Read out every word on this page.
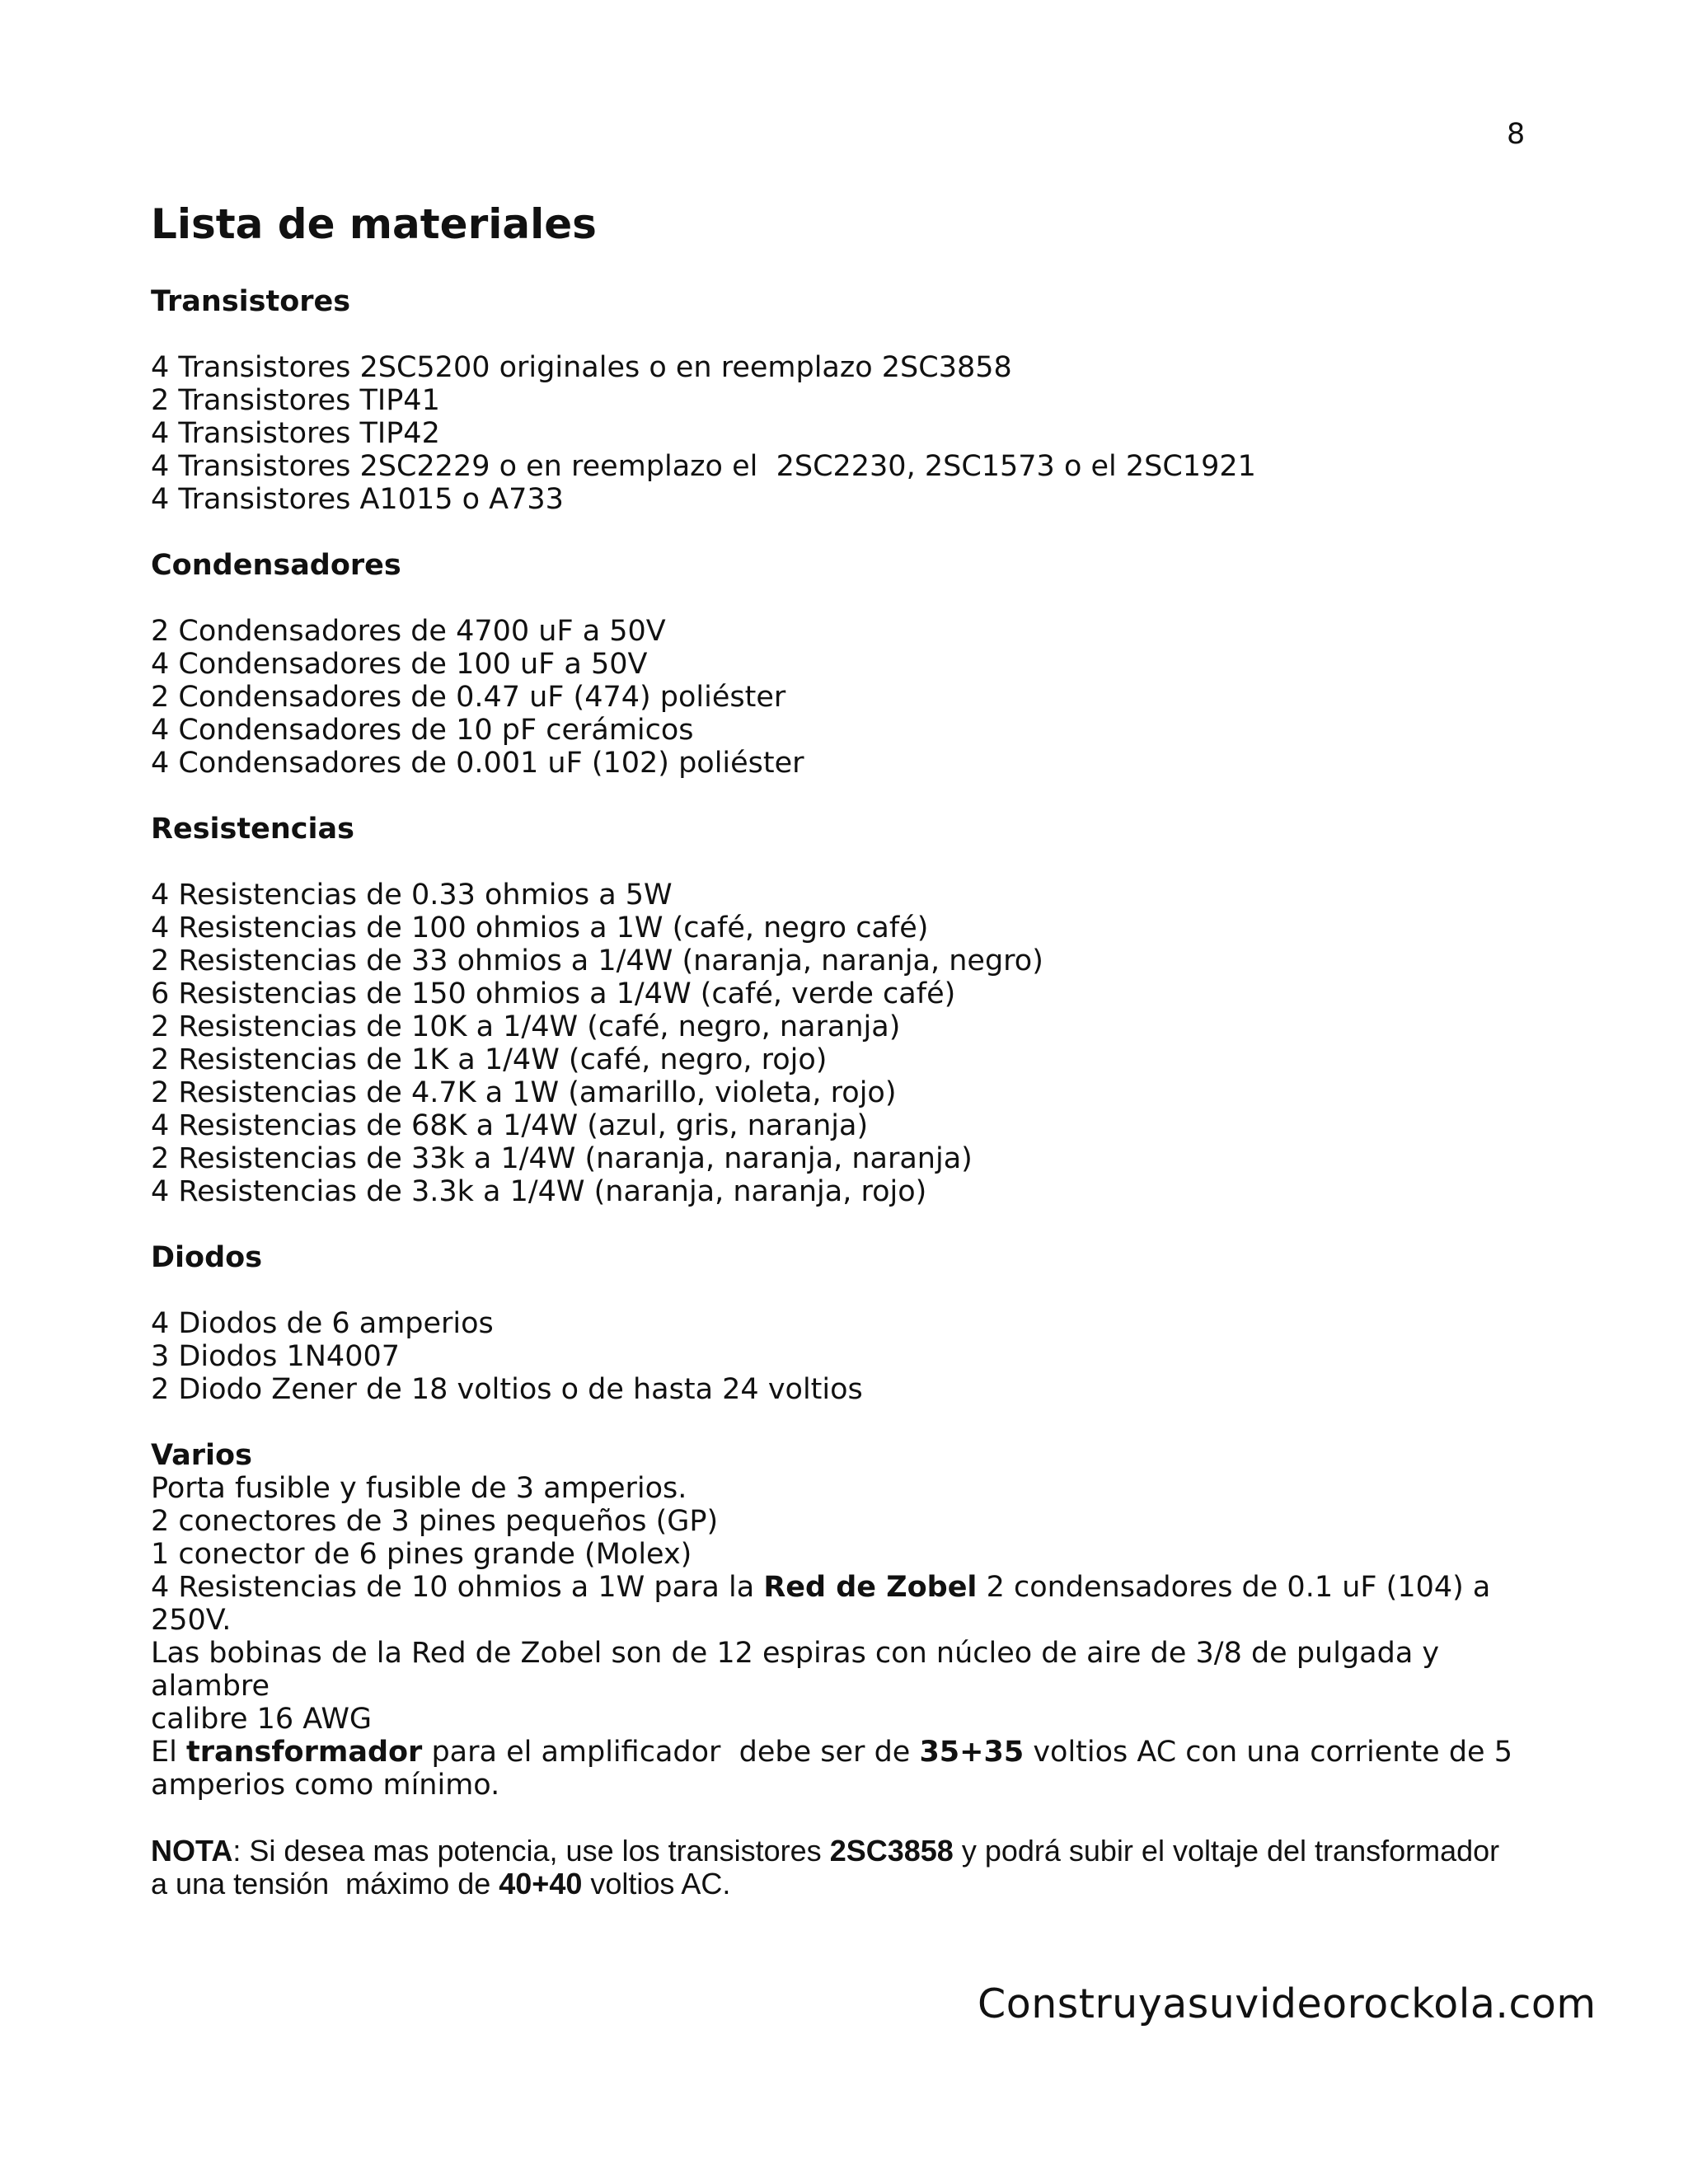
8
Lista de materiales
Transistores
4 Transistores 2SC5200 originales o en reemplazo 2SC3858
2 Transistores TIP41
4 Transistores TIP42
4 Transistores 2SC2229 o en reemplazo el  2SC2230, 2SC1573 o el 2SC1921
4 Transistores A1015 o A733
Condensadores
2 Condensadores de 4700 uF a 50V
4 Condensadores de 100 uF a 50V
2 Condensadores de 0.47 uF (474) poliéster
4 Condensadores de 10 pF cerámicos
4 Condensadores de 0.001 uF (102) poliéster
Resistencias
4 Resistencias de 0.33 ohmios a 5W
4 Resistencias de 100 ohmios a 1W (café, negro café)
2 Resistencias de 33 ohmios a 1/4W (naranja, naranja, negro)
6 Resistencias de 150 ohmios a 1/4W (café, verde café)
2 Resistencias de 10K a 1/4W (café, negro, naranja)
2 Resistencias de 1K a 1/4W (café, negro, rojo)
2 Resistencias de 4.7K a 1W (amarillo, violeta, rojo)
4 Resistencias de 68K a 1/4W (azul, gris, naranja)
2 Resistencias de 33k a 1/4W (naranja, naranja, naranja)
4 Resistencias de 3.3k a 1/4W (naranja, naranja, rojo)
Diodos
4 Diodos de 6 amperios
3 Diodos 1N4007
2 Diodo Zener de 18 voltios o de hasta 24 voltios
Varios
Porta fusible y fusible de 3 amperios.
2 conectores de 3 pines pequeños (GP)
1 conector de 6 pines grande (Molex)
4 Resistencias de 10 ohmios a 1W para la Red de Zobel 2 condensadores de 0.1 uF (104) a 250V.
Las bobinas de la Red de Zobel son de 12 espiras con núcleo de aire de 3/8 de pulgada y alambre
calibre 16 AWG
El transformador para el amplificador  debe ser de 35+35 voltios AC con una corriente de 5
amperios como mínimo.
NOTA: Si desea mas potencia, use los transistores 2SC3858 y podrá subir el voltaje del transformador
a una tensión  máximo de 40+40 voltios AC.
Construyasuvideorockola.com
